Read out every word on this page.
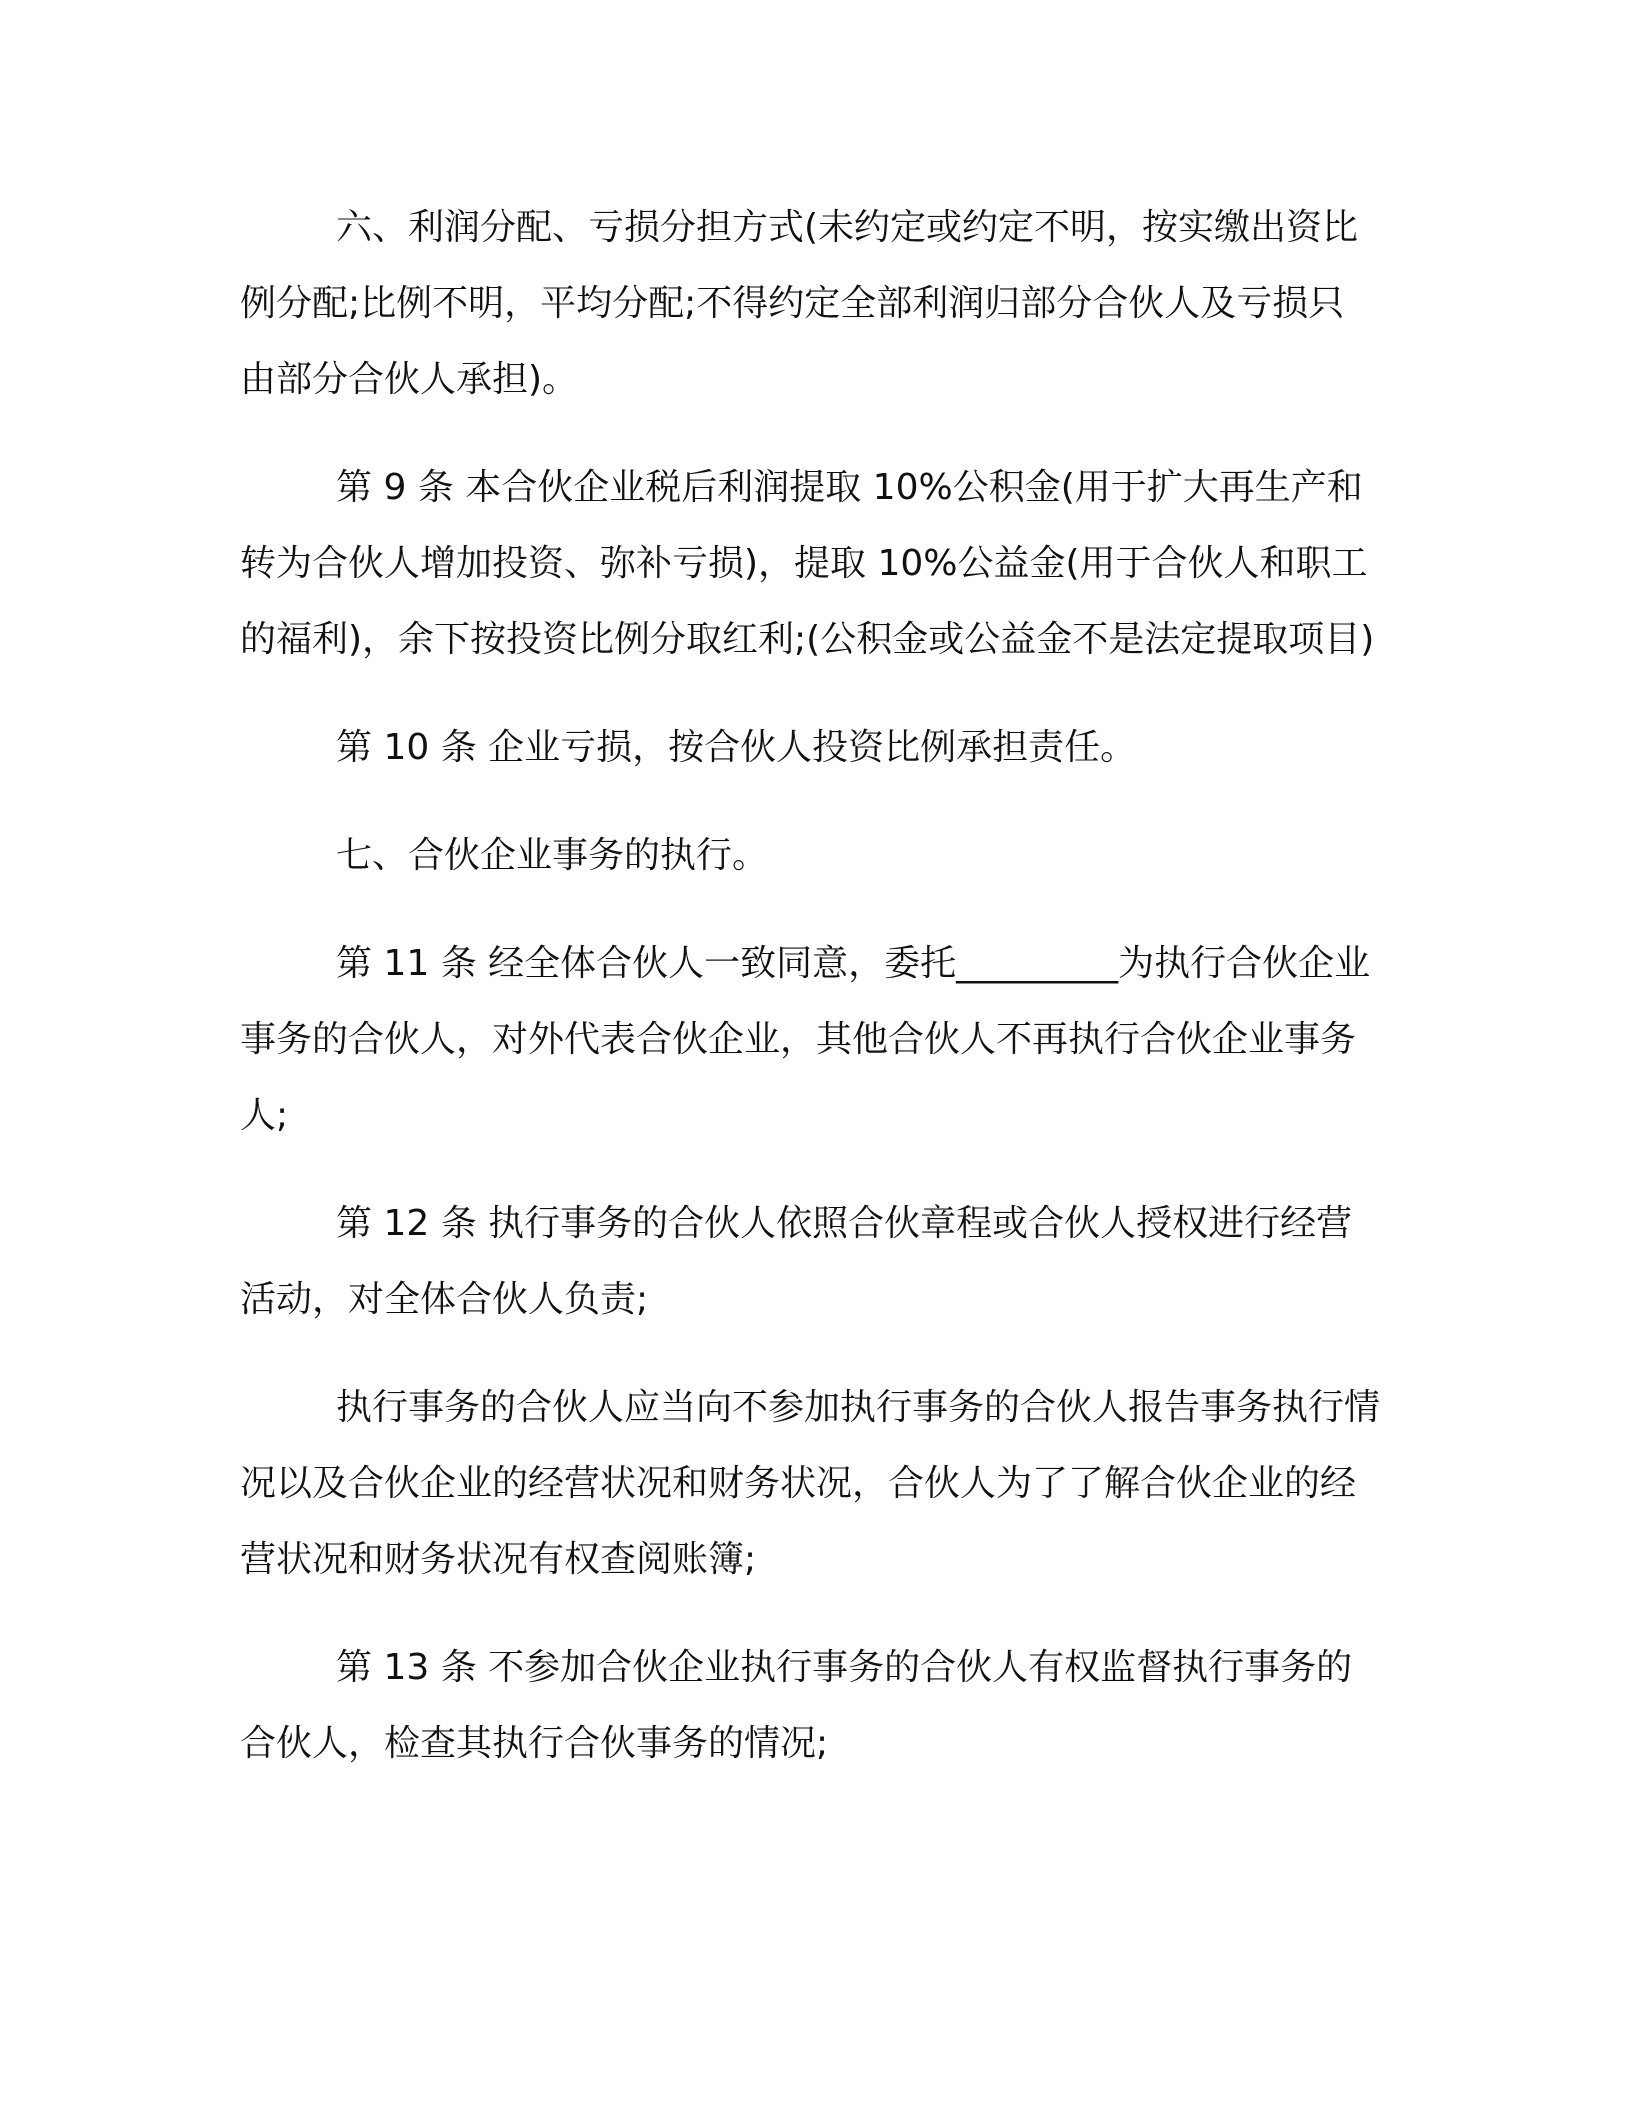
六、利润分配、亏损分担方式(未约定或约定不明，按实缴出资比例分配;比例不明，平均分配;不得约定全部利润归部分合伙人及亏损只由部分合伙人承担)。

第 9 条 本合伙企业税后利润提取 10%公积金(用于扩大再生产和转为合伙人增加投资、弥补亏损)，提取 10%公益金(用于合伙人和职工的福利)，余下按投资比例分取红利;(公积金或公益金不是法定提取项目)

第 10 条 企业亏损，按合伙人投资比例承担责任。

七、合伙企业事务的执行。

第 11 条 经全体合伙人一致同意，委托_________为执行合伙企业事务的合伙人，对外代表合伙企业，其他合伙人不再执行合伙企业事务人;

第 12 条 执行事务的合伙人依照合伙章程或合伙人授权进行经营活动，对全体合伙人负责;

执行事务的合伙人应当向不参加执行事务的合伙人报告事务执行情况以及合伙企业的经营状况和财务状况，合伙人为了了解合伙企业的经营状况和财务状况有权查阅账簿;

第 13 条 不参加合伙企业执行事务的合伙人有权监督执行事务的合伙人，检查其执行合伙事务的情况;
